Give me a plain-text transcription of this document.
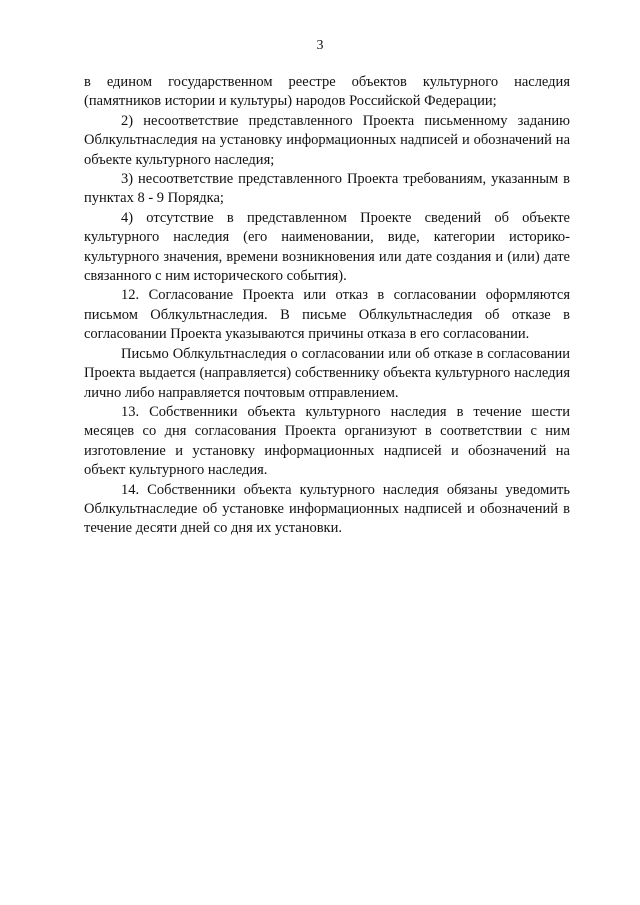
3

в едином государственном реестре объектов культурного наследия (памятников истории и культуры) народов Российской Федерации;

2) несоответствие представленного Проекта письменному заданию Облкультнаследия на установку информационных надписей и обозначений на объекте культурного наследия;

3) несоответствие представленного Проекта требованиям, указанным в пунктах 8 - 9 Порядка;

4) отсутствие в представленном Проекте сведений об объекте культурного наследия (его наименовании, виде, категории историко-культурного значения, времени возникновения или дате создания и (или) дате связанного с ним исторического события).

12. Согласование Проекта или отказ в согласовании оформляются письмом Облкультнаследия. В письме Облкультнаследия об отказе в согласовании Проекта указываются причины отказа в его согласовании.

Письмо Облкультнаследия о согласовании или об отказе в согласовании Проекта выдается (направляется) собственнику объекта культурного наследия лично либо направляется почтовым отправлением.

13. Собственники объекта культурного наследия в течение шести месяцев со дня согласования Проекта организуют в соответствии с ним изготовление и установку информационных надписей и обозначений на объект культурного наследия.

14. Собственники объекта культурного наследия обязаны уведомить Облкультнаследие об установке информационных надписей и обозначений в течение десяти дней со дня их установки.
